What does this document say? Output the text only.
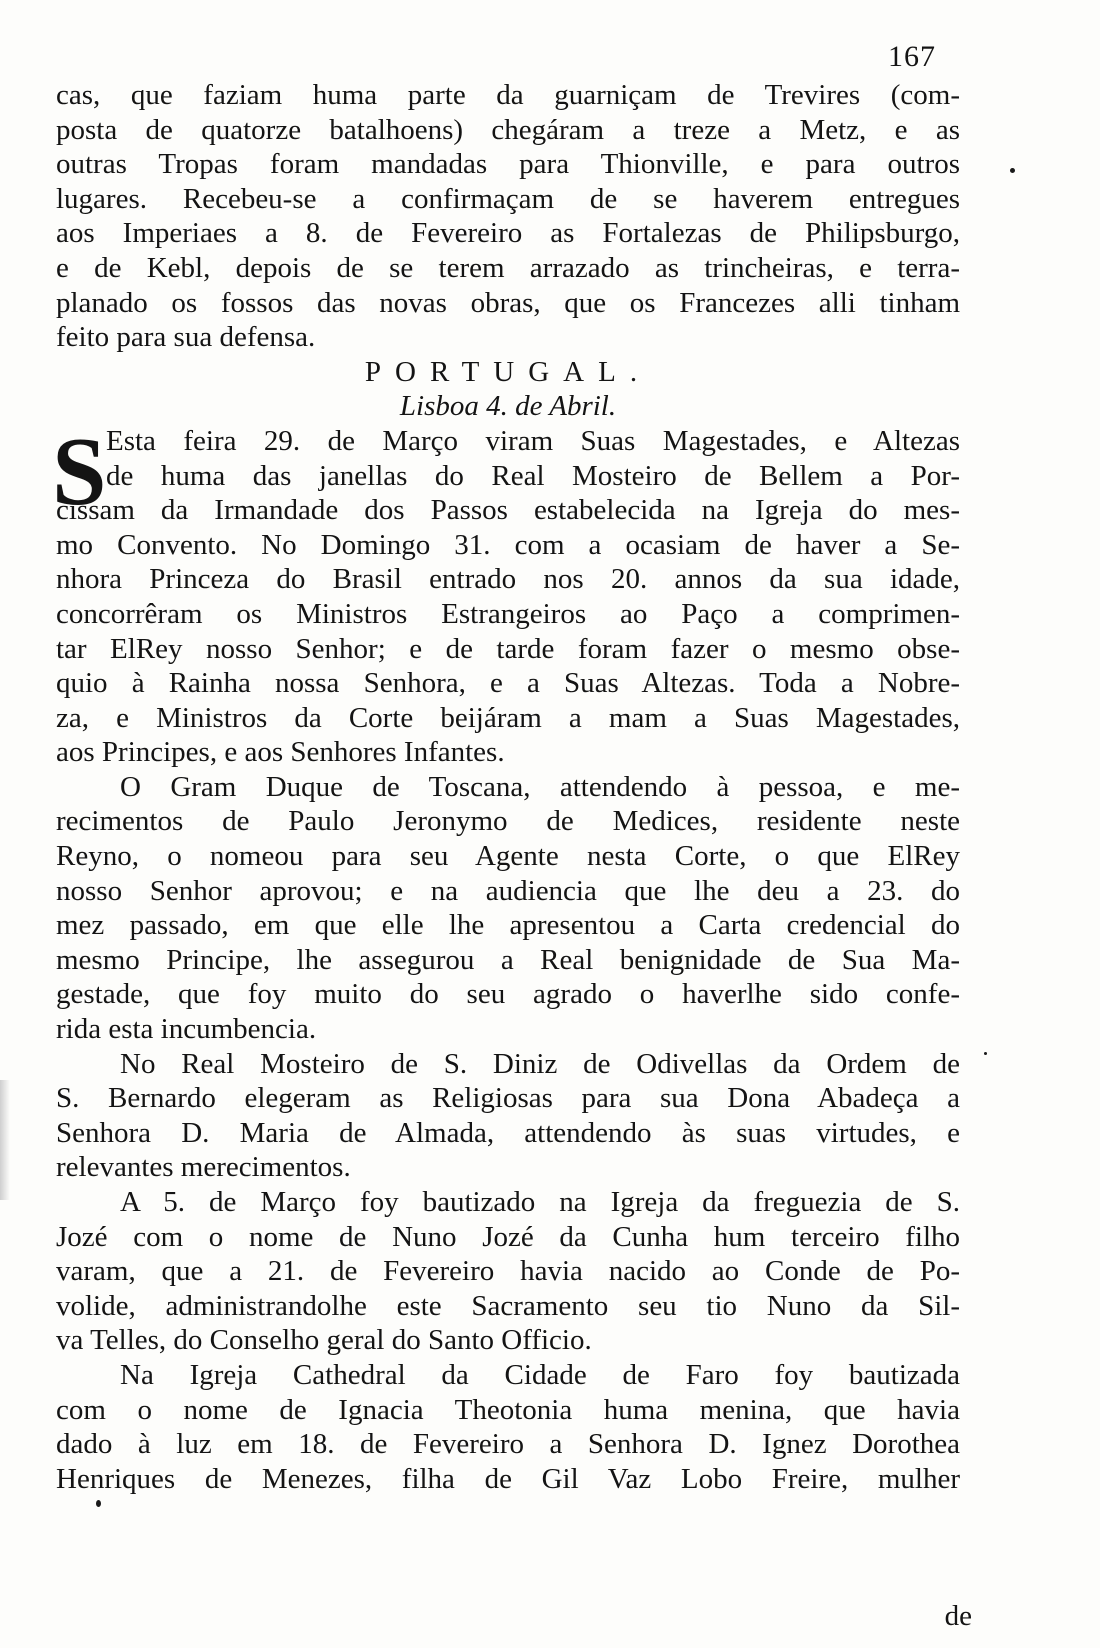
167
cas, que faziam huma parte da guarniçam de Trevires (com-
posta de quatorze batalhoens) chegáram a treze a Metz, e as
outras Tropas foram mandadas para Thionville, e para outros
lugares. Recebeu-se a confirmaçam de se haverem entregues
aos Imperiaes a 8. de Fevereiro as Fortalezas de Philipsburgo,
e de Kebl, depois de se terem arrazado as trincheiras, e terra-
planado os fossos das novas obras, que os Francezes alli tinham
feito para sua defensa.
PORTUGAL.
Lisboa 4. de Abril.
S Esta feira 29. de Março viram Suas Magestades, e Altezas
de huma das janellas do Real Mosteiro de Bellem a Por-
cissam da Irmandade dos Passos estabelecida na Igreja do mes-
mo Convento. No Domingo 31. com a ocasiam de haver a Se-
nhora Princeza do Brasil entrado nos 20. annos da sua idade,
concorrêram os Ministros Estrangeiros ao Paço a comprimen-
tar ElRey nosso Senhor; e de tarde foram fazer o mesmo obse-
quio à Rainha nossa Senhora, e a Suas Altezas. Toda a Nobre-
za, e Ministros da Corte beijáram a mam a Suas Magestades,
aos Principes, e aos Senhores Infantes.
O Gram Duque de Toscana, attendendo à pessoa, e me-
recimentos de Paulo Jeronymo de Medices, residente neste
Reyno, o nomeou para seu Agente nesta Corte, o que ElRey
nosso Senhor aprovou; e na audiencia que lhe deu a 23. do
mez passado, em que elle lhe apresentou a Carta credencial do
mesmo Principe, lhe assegurou a Real benignidade de Sua Ma-
gestade, que foy muito do seu agrado o haverlhe sido confe-
rida esta incumbencia.
No Real Mosteiro de S. Diniz de Odivellas da Ordem de
S. Bernardo elegeram as Religiosas para sua Dona Abadeça a
Senhora D. Maria de Almada, attendendo às suas virtudes, e
relevantes merecimentos.
A 5. de Março foy bautizado na Igreja da freguezia de S.
Jozé com o nome de Nuno Jozé da Cunha hum terceiro filho
varam, que a 21. de Fevereiro havia nacido ao Conde de Po-
volide, administrandolhe este Sacramento seu tio Nuno da Sil-
va Telles, do Conselho geral do Santo Officio.
Na Igreja Cathedral da Cidade de Faro foy bautizada
com o nome de Ignacia Theotonia huma menina, que havia
dado à luz em 18. de Fevereiro a Senhora D. Ignez Dorothea
Henriques de Menezes, filha de Gil Vaz Lobo Freire, mulher
de
